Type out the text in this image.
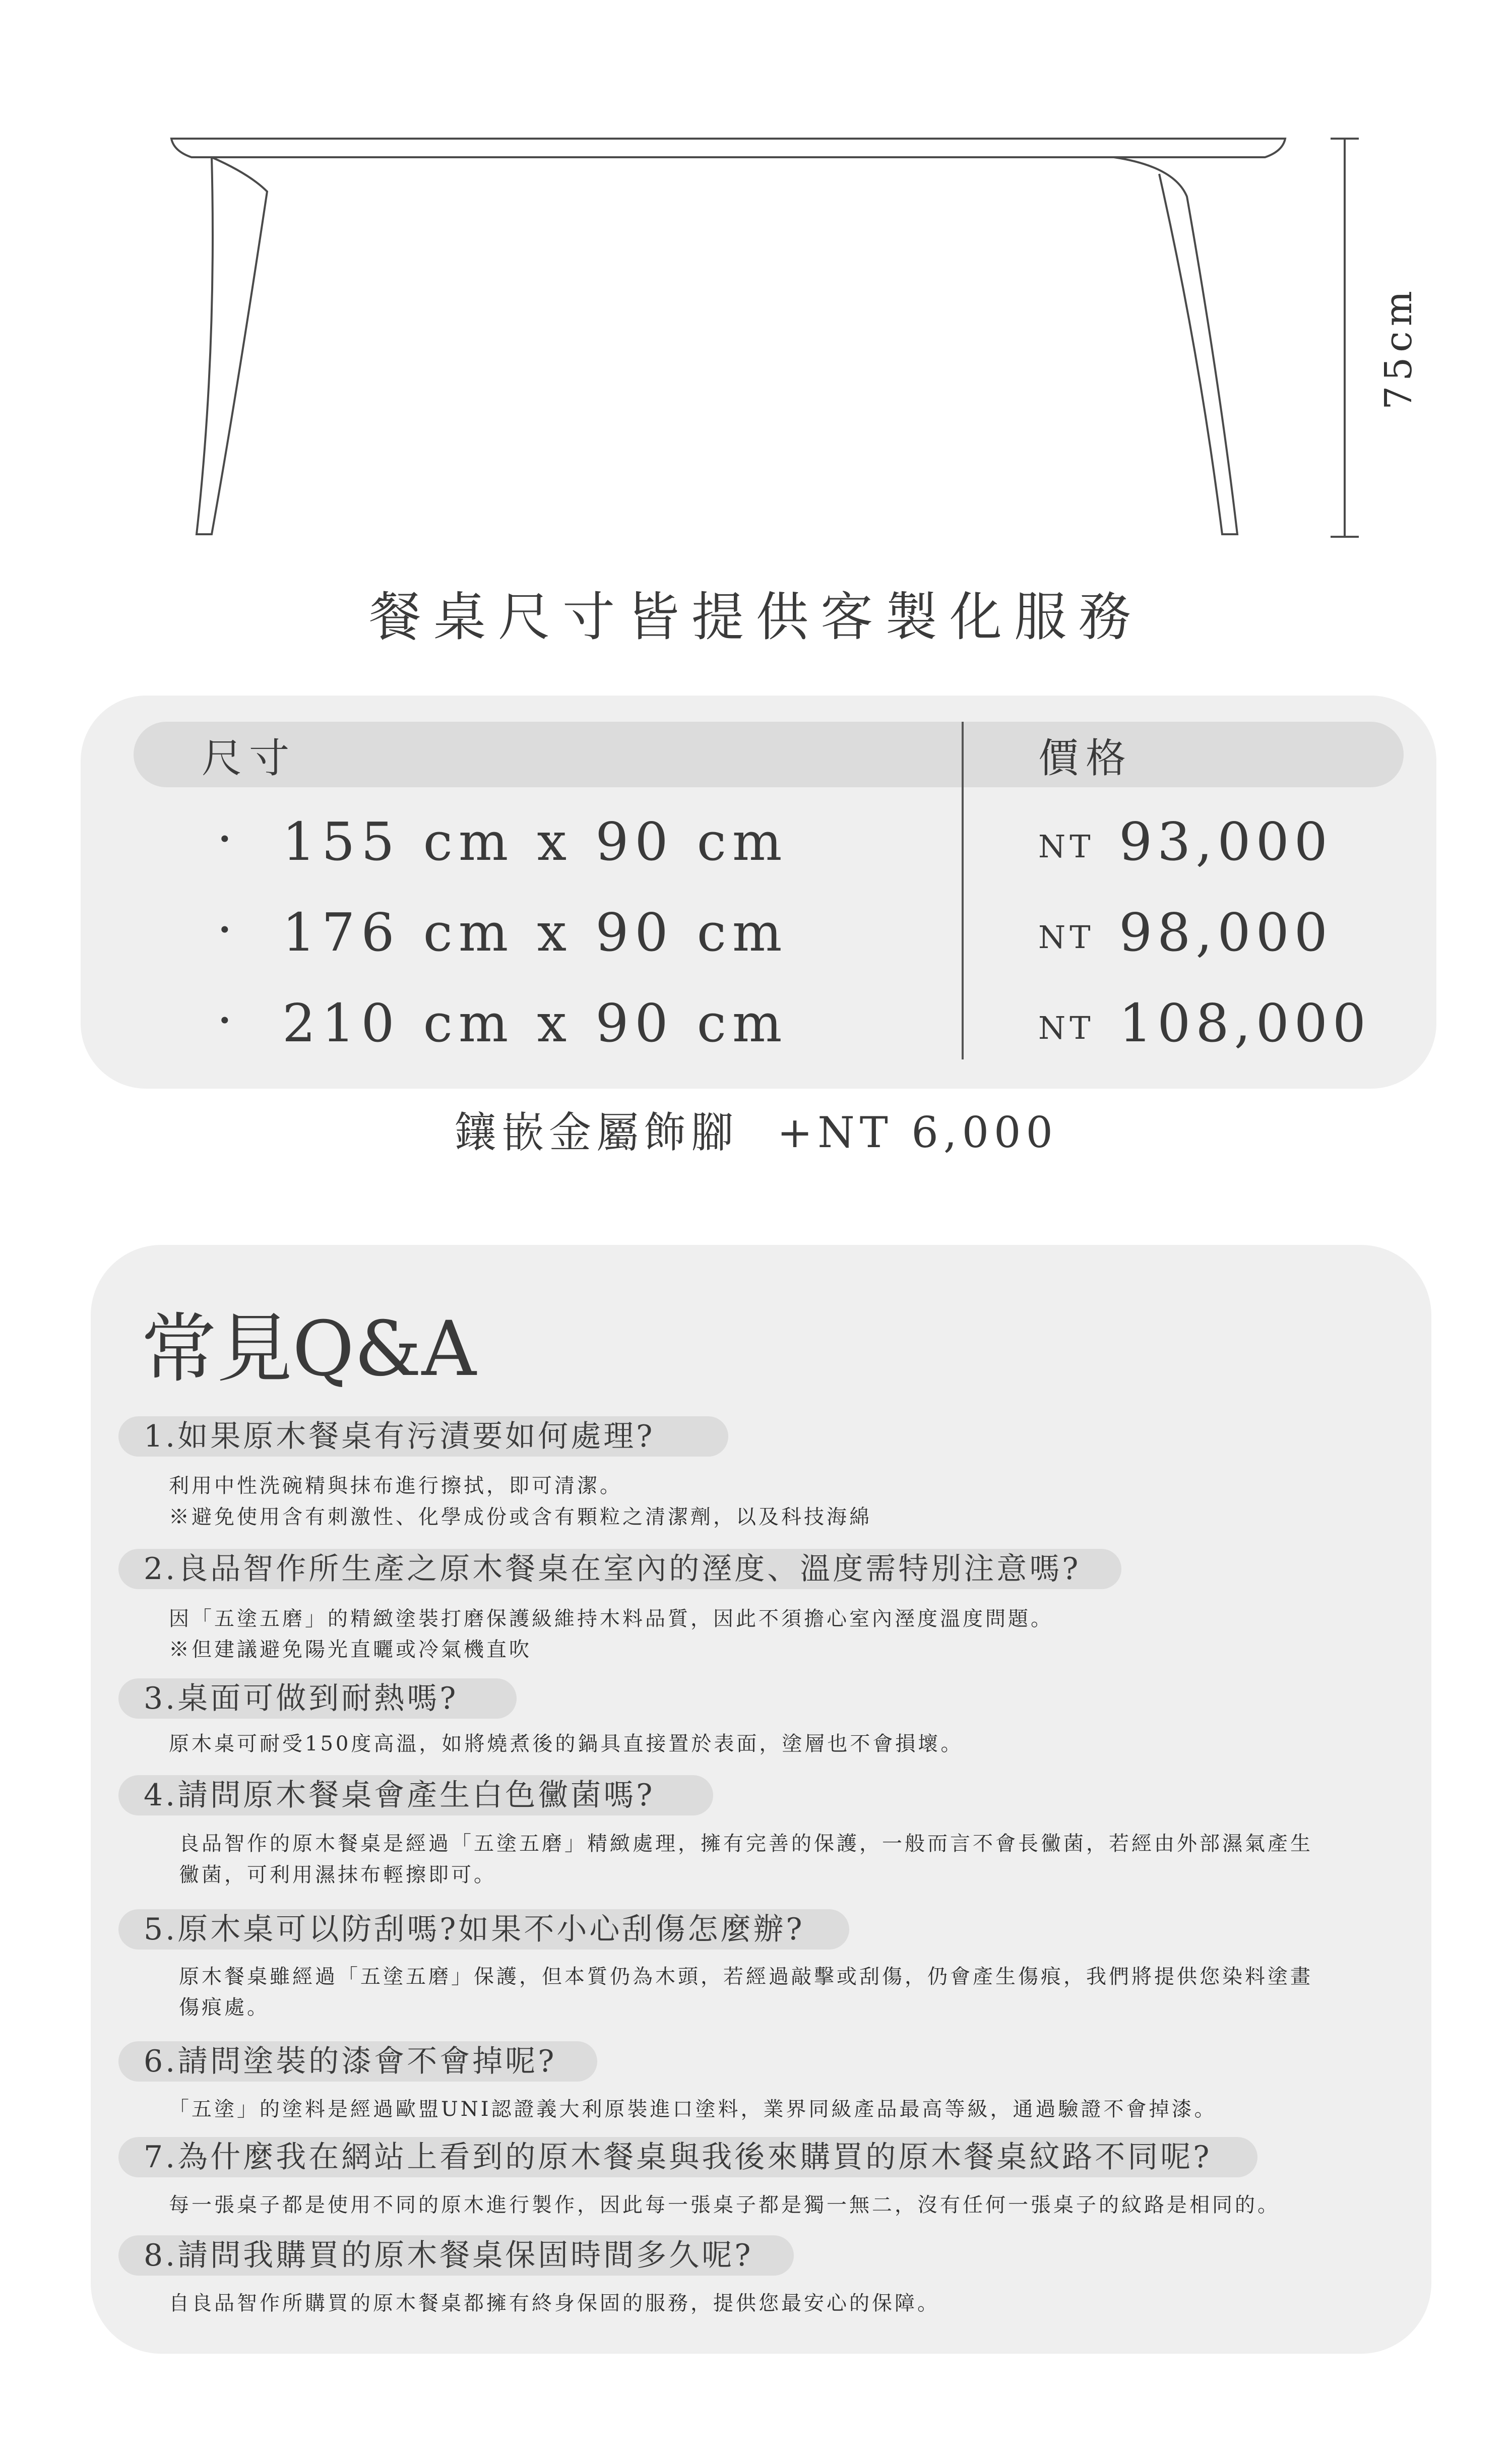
75cm
餐桌尺寸皆提供客製化服務
尺寸	價格
· 155 cm x 90 cm	NT 93,000
· 176 cm x 90 cm	NT 98,000
· 210 cm x 90 cm	NT 108,000
鑲嵌金屬飾腳 +NT 6,000
常見Q&A
1.如果原木餐桌有污漬要如何處理?
利用中性洗碗精與抹布進行擦拭，即可清潔。
※避免使用含有刺激性、化學成份或含有顆粒之清潔劑，以及科技海綿
2.良品智作所生產之原木餐桌在室內的溼度、溫度需特別注意嗎?
因「五塗五磨」的精緻塗裝打磨保護級維持木料品質，因此不須擔心室內溼度溫度問題。
※但建議避免陽光直曬或冷氣機直吹
3.桌面可做到耐熱嗎?
原木桌可耐受150度高溫，如將燒煮後的鍋具直接置於表面，塗層也不會損壞。
4.請問原木餐桌會產生白色黴菌嗎?
良品智作的原木餐桌是經過「五塗五磨」精緻處理，擁有完善的保護，一般而言不會長黴菌，若經由外部濕氣產生
黴菌，可利用濕抹布輕擦即可。
5.原木桌可以防刮嗎?如果不小心刮傷怎麼辦?
原木餐桌雖經過「五塗五磨」保護，但本質仍為木頭，若經過敲擊或刮傷，仍會產生傷痕，我們將提供您染料塗畫
傷痕處。
6.請問塗裝的漆會不會掉呢?
「五塗」的塗料是經過歐盟UNI認證義大利原裝進口塗料，業界同級產品最高等級，通過驗證不會掉漆。
7.為什麼我在網站上看到的原木餐桌與我後來購買的原木餐桌紋路不同呢?
每一張桌子都是使用不同的原木進行製作，因此每一張桌子都是獨一無二，沒有任何一張桌子的紋路是相同的。
8.請問我購買的原木餐桌保固時間多久呢?
自良品智作所購買的原木餐桌都擁有終身保固的服務，提供您最安心的保障。
